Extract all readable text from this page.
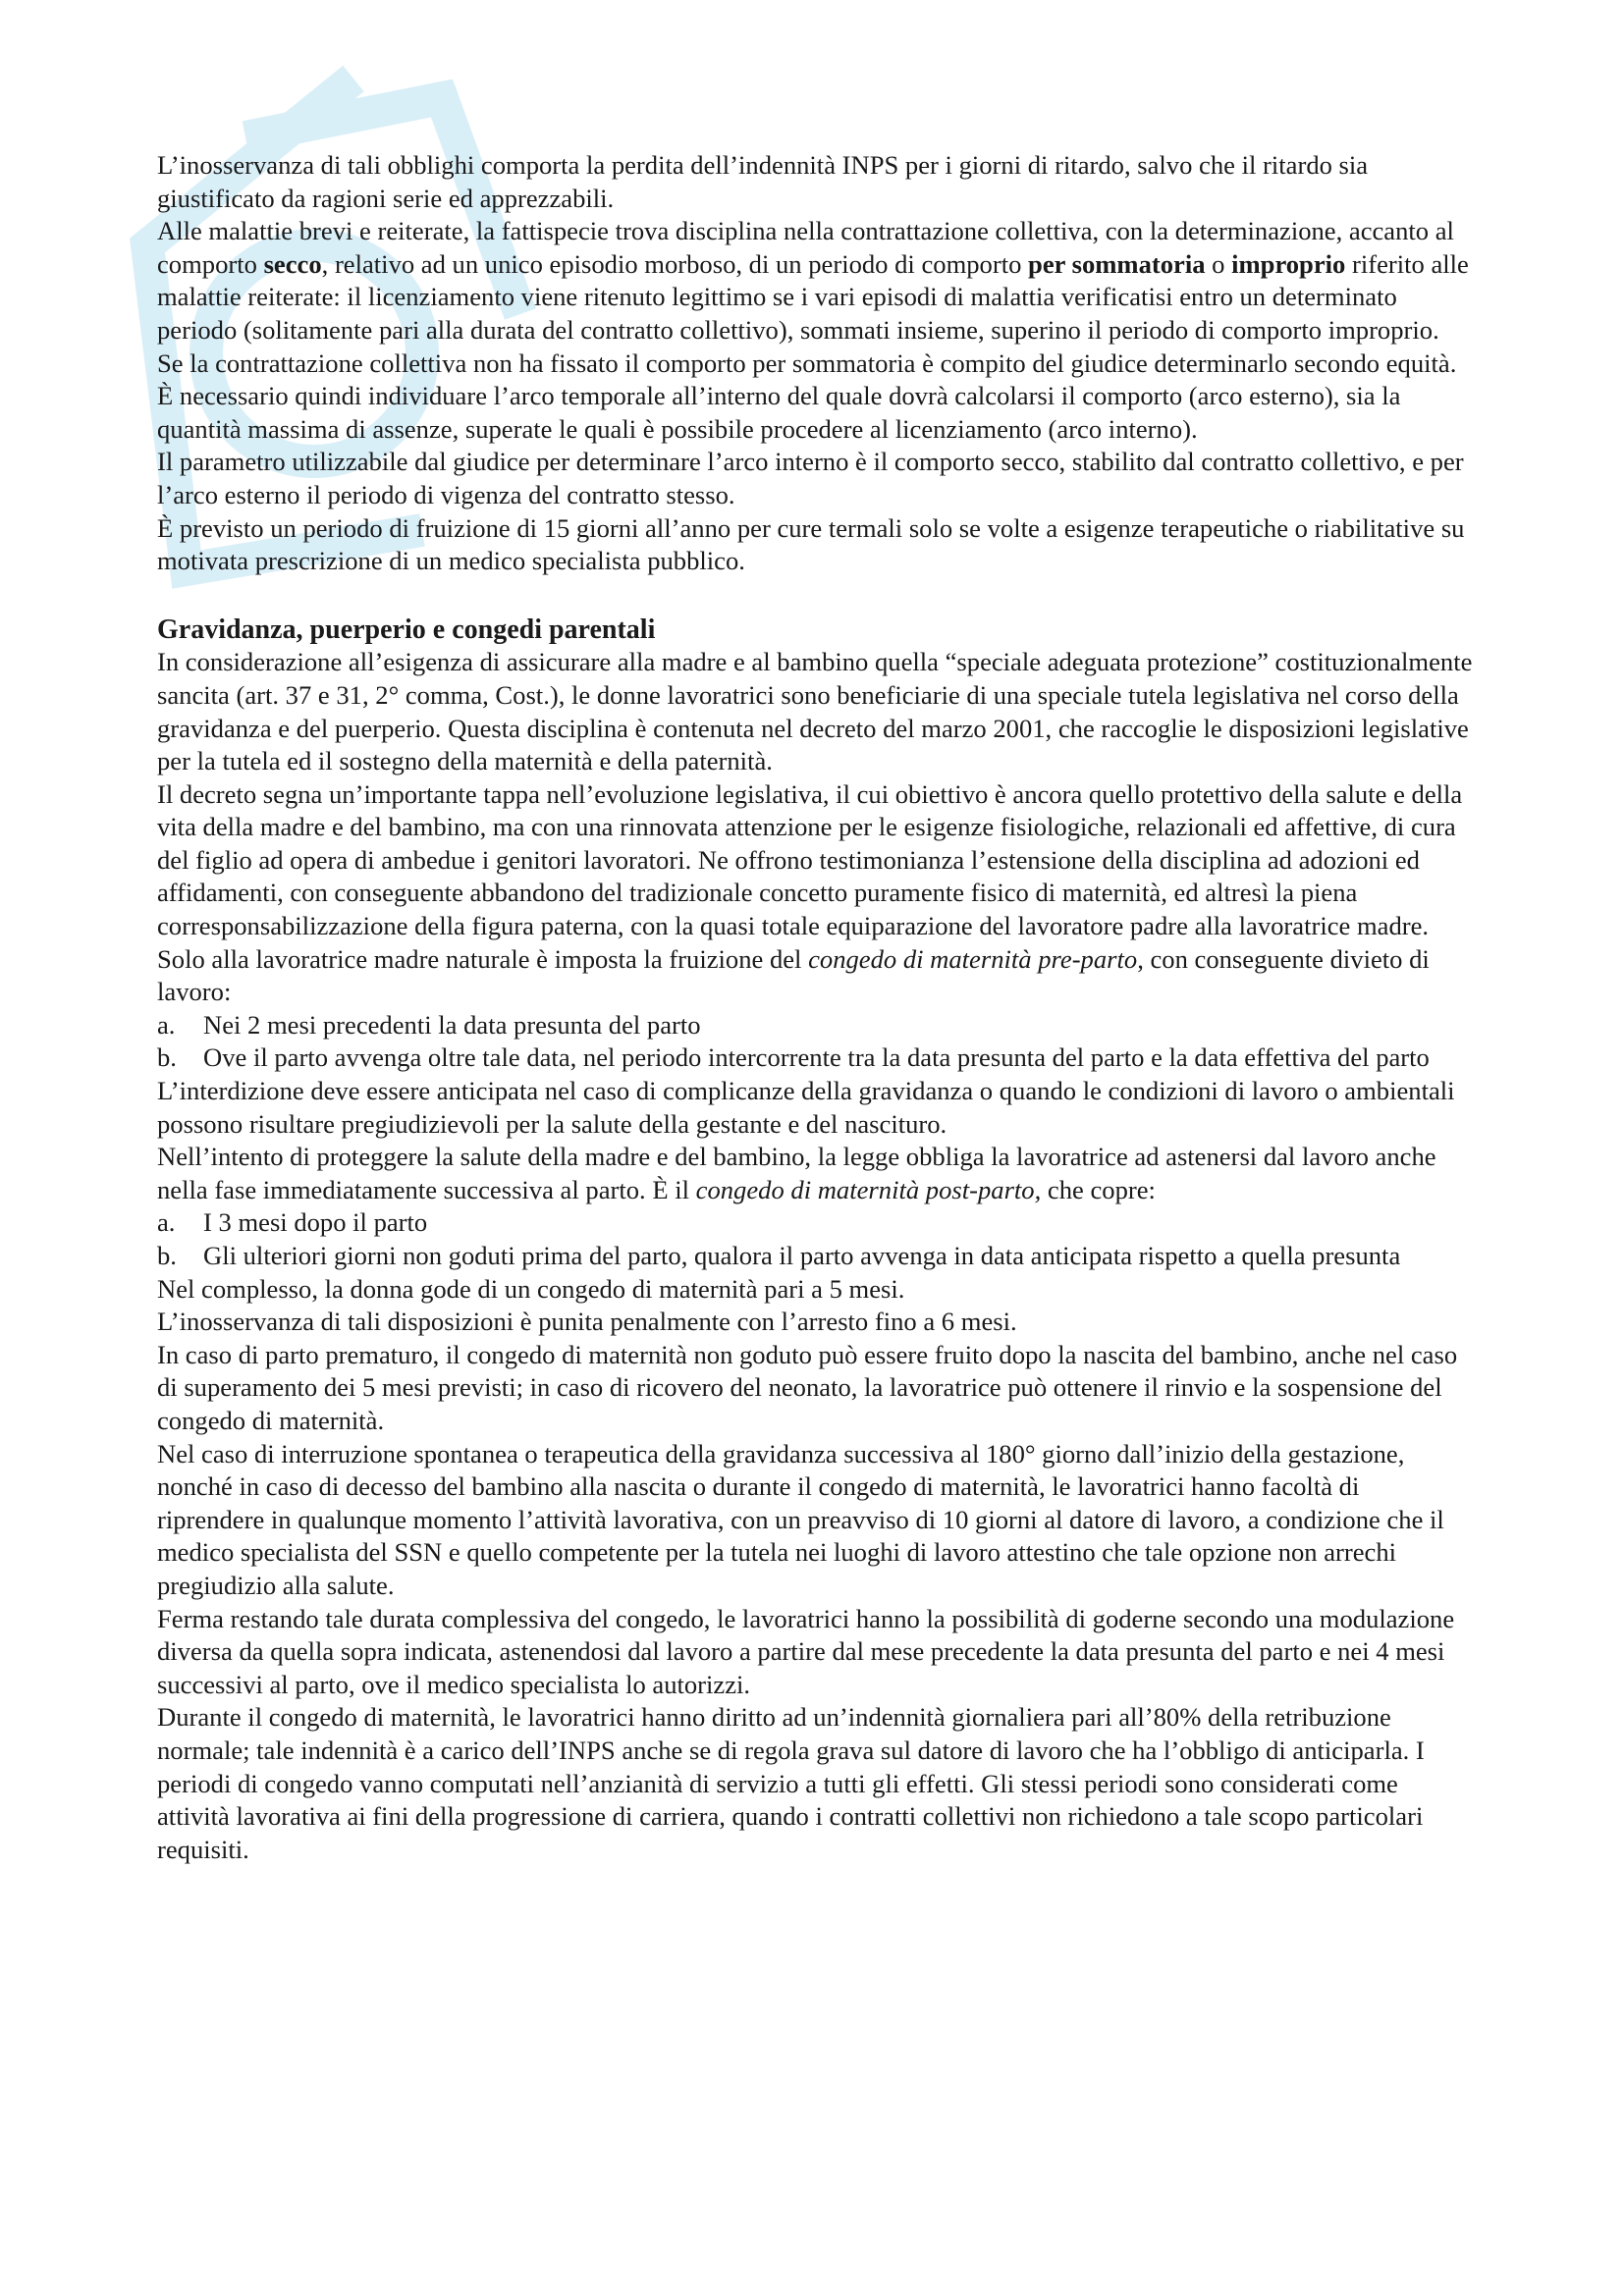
L’inosservanza di tali obblighi comporta la perdita dell’indennità INPS per i giorni di ritardo, salvo che il ritardo sia giustificato da ragioni serie ed apprezzabili.

Alle malattie brevi e reiterate, la fattispecie trova disciplina nella contrattazione collettiva, con la determinazione, accanto al comporto secco, relativo ad un unico episodio morboso, di un periodo di comporto per sommatoria o improprio riferito alle malattie reiterate: il licenziamento viene ritenuto legittimo se i vari episodi di malattia verificatisi entro un determinato periodo (solitamente pari alla durata del contratto collettivo), sommati insieme, superino il periodo di comporto improprio.

Se la contrattazione collettiva non ha fissato il comporto per sommatoria è compito del giudice determinarlo secondo equità.

È necessario quindi individuare l’arco temporale all’interno del quale dovrà calcolarsi il comporto (arco esterno), sia la quantità massima di assenze, superate le quali è possibile procedere al licenziamento (arco interno).

Il parametro utilizzabile dal giudice per determinare l’arco interno è il comporto secco, stabilito dal contratto collettivo, e per l’arco esterno il periodo di vigenza del contratto stesso.

È previsto un periodo di fruizione di 15 giorni all’anno per cure termali solo se volte a esigenze terapeutiche o riabilitative su motivata prescrizione di un medico specialista pubblico.

Gravidanza, puerperio e congedi parentali

In considerazione all’esigenza di assicurare alla madre e al bambino quella “speciale adeguata protezione” costituzionalmente sancita (art. 37 e 31, 2° comma, Cost.), le donne lavoratrici sono beneficiarie di una speciale tutela legislativa nel corso della gravidanza e del puerperio. Questa disciplina è contenuta nel decreto del marzo 2001, che raccoglie le disposizioni legislative per la tutela ed il sostegno della maternità e della paternità.

Il decreto segna un’importante tappa nell’evoluzione legislativa, il cui obiettivo è ancora quello protettivo della salute e della vita della madre e del bambino, ma con una rinnovata attenzione per le esigenze fisiologiche, relazionali ed affettive, di cura del figlio ad opera di ambedue i genitori lavoratori. Ne offrono testimonianza l’estensione della disciplina ad adozioni ed affidamenti, con conseguente abbandono del tradizionale concetto puramente fisico di maternità, ed altresì la piena corresponsabilizzazione della figura paterna, con la quasi totale equiparazione del lavoratore padre alla lavoratrice madre.

Solo alla lavoratrice madre naturale è imposta la fruizione del congedo di maternità pre-parto, con conseguente divieto di lavoro:

a.	Nei 2 mesi precedenti la data presunta del parto
b.	Ove il parto avvenga oltre tale data, nel periodo intercorrente tra la data presunta del parto e la data effettiva del parto

L’interdizione deve essere anticipata nel caso di complicanze della gravidanza o quando le condizioni di lavoro o ambientali possono risultare pregiudizievoli per la salute della gestante e del nascituro.

Nell’intento di proteggere la salute della madre e del bambino, la legge obbliga la lavoratrice ad astenersi dal lavoro anche nella fase immediatamente successiva al parto. È il congedo di maternità post-parto, che copre:

a.	I 3 mesi dopo il parto
b.	Gli ulteriori giorni non goduti prima del parto, qualora il parto avvenga in data anticipata rispetto a quella presunta

Nel complesso, la donna gode di un congedo di maternità pari a 5 mesi.

L’inosservanza di tali disposizioni è punita penalmente con l’arresto fino a 6 mesi.

In caso di parto prematuro, il congedo di maternità non goduto può essere fruito dopo la nascita del bambino, anche nel caso di superamento dei 5 mesi previsti; in caso di ricovero del neonato, la lavoratrice può ottenere il rinvio e la sospensione del congedo di maternità.

Nel caso di interruzione spontanea o terapeutica della gravidanza successiva al 180° giorno dall’inizio della gestazione, nonché in caso di decesso del bambino alla nascita o durante il congedo di maternità, le lavoratrici hanno facoltà di riprendere in qualunque momento l’attività lavorativa, con un preavviso di 10 giorni al datore di lavoro, a condizione che il medico specialista del SSN e quello competente per la tutela nei luoghi di lavoro attestino che tale opzione non arrechi pregiudizio alla salute.

Ferma restando tale durata complessiva del congedo, le lavoratrici hanno la possibilità di goderne secondo una modulazione diversa da quella sopra indicata, astenendosi dal lavoro a partire dal mese precedente la data presunta del parto e nei 4 mesi successivi al parto, ove il medico specialista lo autorizzi.

Durante il congedo di maternità, le lavoratrici hanno diritto ad un’indennità giornaliera pari all’80% della retribuzione normale; tale indennità è a carico dell’INPS anche se di regola grava sul datore di lavoro che ha l’obbligo di anticiparla. I periodi di congedo vanno computati nell’anzianità di servizio a tutti gli effetti. Gli stessi periodi sono considerati come attività lavorativa ai fini della progressione di carriera, quando i contratti collettivi non richiedono a tale scopo particolari requisiti.
